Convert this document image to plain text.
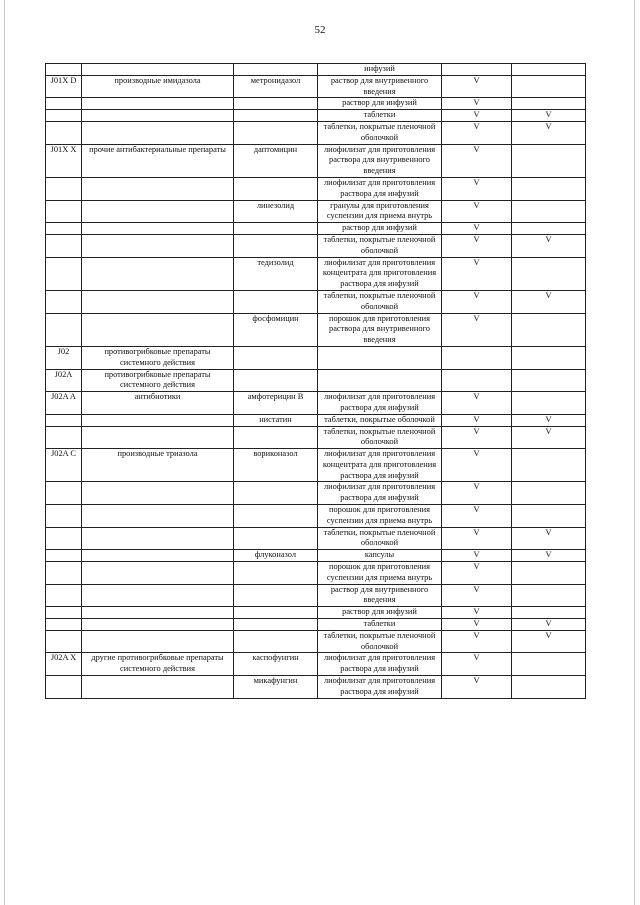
52
			инфузий		
J01X D	производные имидазола	метронидазол	раствор для внутривенного введения	V	
			раствор для инфузий	V	
			таблетки	V	V
			таблетки, покрытые пленочной оболочкой	V	V
J01X X	прочие антибактериальные препараты	даптомицин	лиофилизат для приготовления раствора для внутривенного введения	V	
			лиофилизат для приготовления раствора для инфузий	V	
		линезолид	гранулы для приготовления суспензии для приема внутрь	V	
			раствор для инфузий	V	
			таблетки, покрытые пленочной оболочкой	V	V
		тедизолид	лиофилизат для приготовления концентрата для приготовления раствора для инфузий	V	
			таблетки, покрытые пленочной оболочкой	V	V
		фосфомицин	порошок для приготовления раствора для внутривенного введения	V	
J02	противогрибковые препараты системного действия				
J02A	противогрибковые препараты системного действия				
J02A A	антибиотики	амфотерицин В	лиофилизат для приготовления раствора для инфузий	V	
		нистатин	таблетки, покрытые оболочкой	V	V
			таблетки, покрытые пленочной оболочкой	V	V
J02A C	производные триазола	вориконазол	лиофилизат для приготовления концентрата для приготовления раствора для инфузий	V	
			лиофилизат для приготовления раствора для инфузий	V	
			порошок для приготовления суспензии для приема внутрь	V	
			таблетки, покрытые пленочной оболочкой	V	V
		флуконазол	капсулы	V	V
			порошок для приготовления суспензии для приема внутрь	V	
			раствор для внутривенного введения	V	
			раствор для инфузий	V	
			таблетки	V	V
			таблетки, покрытые пленочной оболочкой	V	V
J02A X	другие противогрибковые препараты системного действия	каспофунгин	лиофилизат для приготовления раствора для инфузий	V	
		микафунгин	лиофилизат для приготовления раствора для инфузий	V	
